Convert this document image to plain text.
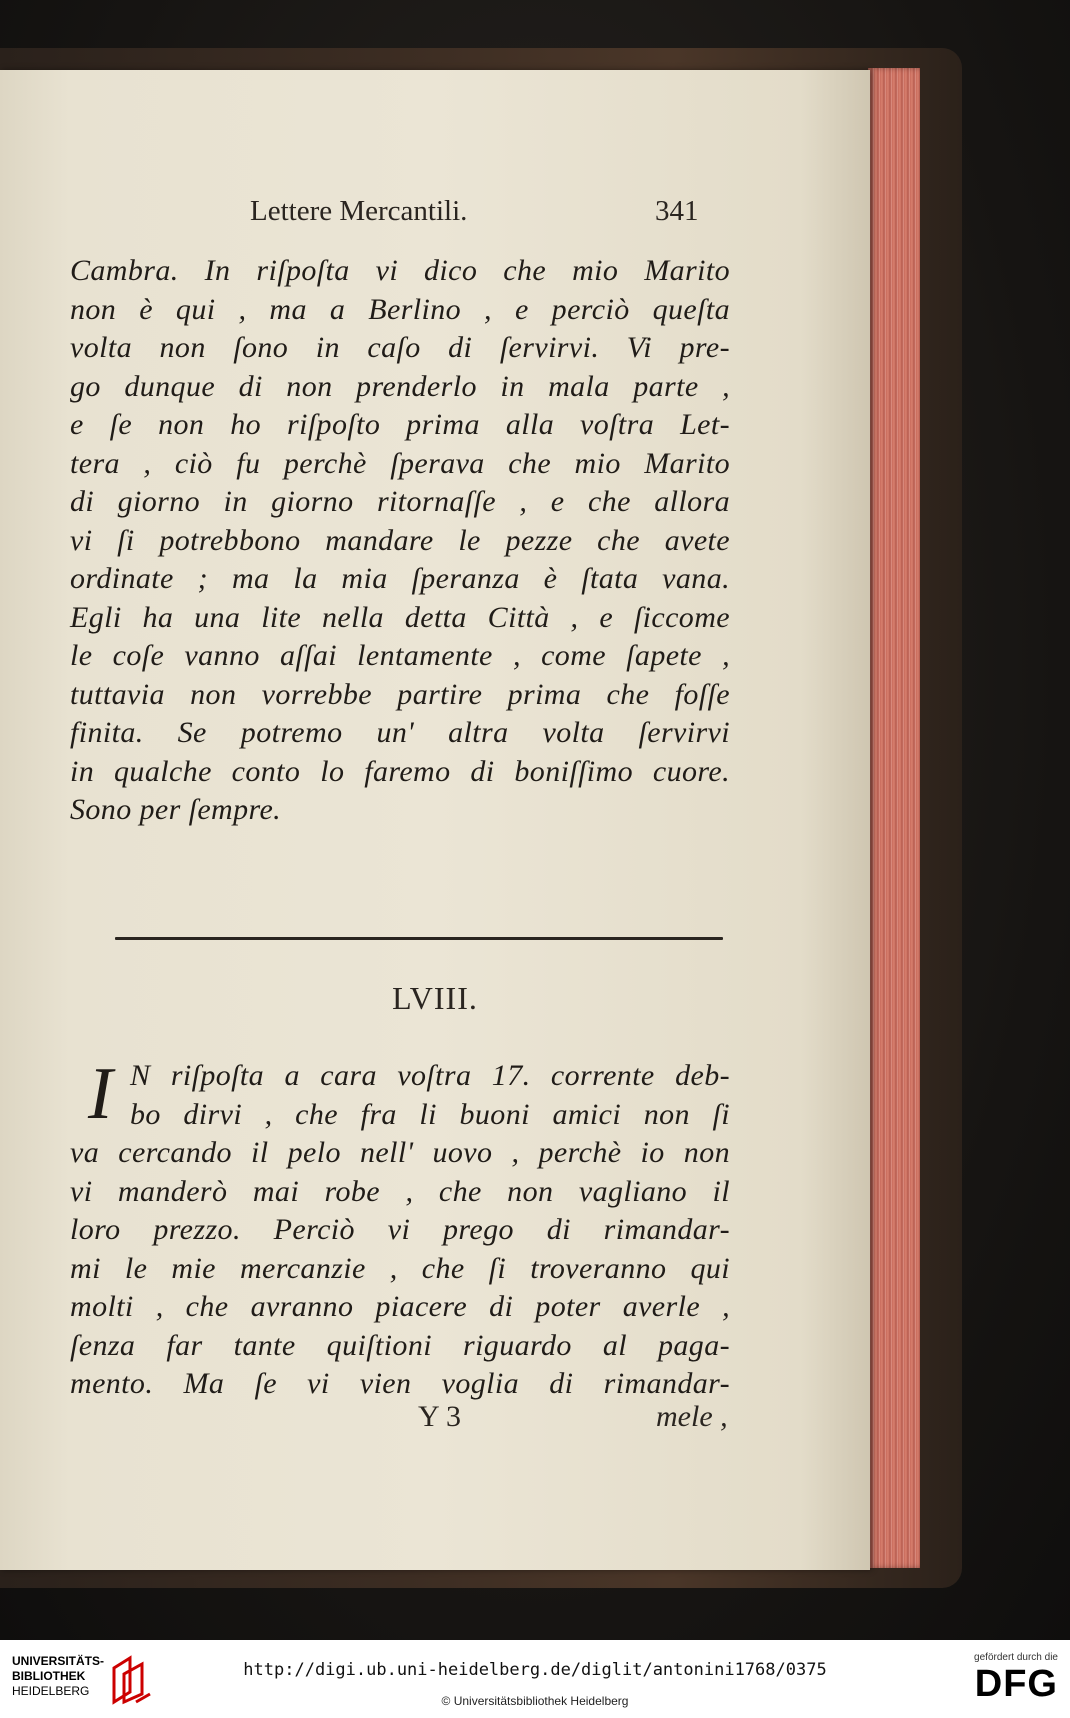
Lettere Mercantili.	341
Cambra. In riſpoſta vi dico che mio Marito
non è qui , ma a Berlino , e perciò queſta
volta non ſono in caſo di ſervirvi. Vi pre-
go dunque di non prenderlo in mala parte ,
e ſe non ho riſpoſto prima alla voſtra Let-
tera , ciò fu perchè ſperava che mio Marito
di giorno in giorno ritornaſſe , e che allora
vi ſi potrebbono mandare le pezze che avete
ordinate ; ma la mia ſperanza è ſtata vana.
Egli ha una lite nella detta Città , e ſiccome
le coſe vanno aſſai lentamente , come ſapete ,
tuttavia non vorrebbe partire prima che foſſe
finita. Se potremo un' altra volta ſervirvi
in qualche conto lo faremo di boniſſimo cuore.
Sono per ſempre.
LVIII.
I N riſpoſta a cara voſtra 17. corrente deb-
bo dirvi , che fra li buoni amici non ſi
va cercando il pelo nell' uovo , perchè io non
vi manderò mai robe , che non vagliano il
loro prezzo. Perciò vi prego di rimandar-
mi le mie mercanzie , che ſi troveranno qui
molti , che avranno piacere di poter averle ,
ſenza far tante quiſtioni riguardo al paga-
mento. Ma ſe vi vien voglia di rimandar-
Y 3	mele ,
UNIVERSITÄTS-
BIBLIOTHEK
HEIDELBERG
http://digi.ub.uni-heidelberg.de/diglit/antonini1768/0375
© Universitätsbibliothek Heidelberg
gefördert durch die
DFG
